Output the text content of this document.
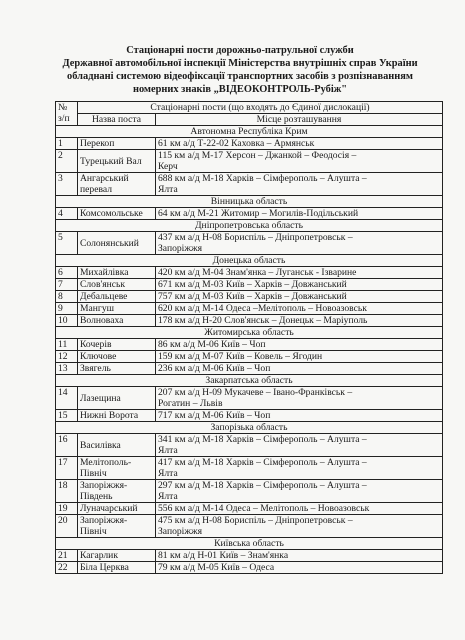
Стаціонарні пости дорожньо-патрульної служби
Державної автомобільної інспекції Міністерства внутрішніх справ України
обладнані системою відеофіксації транспортних засобів з розпізнаванням
номерних знаків „ВІДЕОКОНТРОЛЬ-Рубіж"
№ з/п	Стаціонарні пости (що входять до Єдиної дислокації)	
	Назва поста	Місце розташування
Автономна Республіка Крим		
1	Перекоп	61 км а/д Т-22-02 Каховка – Армянськ

2	Турецький Вал	115 км а/д М-17 Херсон – Джанкой – Феодосія –
Керч

3	Ангарський перевал	688 км а/д М-18 Харків – Сімферополь – Алушта –
Ялта

Вінницька область		
4	Комсомольське	64 км а/д М-21 Житомир – Могилів-Подільський

Дніпропетровська область		
5	Солонянський	437 км а/д Н-08 Бориспіль – Дніпропетровськ –
Запоріжжя

Донецька область		
6	Михайлівка	420 км а/д М-04 Знам'янка – Луганськ - Ізварине

7	Слов'янськ	671 км а/д М-03 Київ – Харків – Довжанський

8	Дебальцеве	757 км а/д М-03 Київ – Харків – Довжанський

9	Мангуш	620 км а/д М-14 Одеса –Мелітополь – Новоазовськ

10	Волноваха	178 км а/д Н-20 Слов'янськ – Донецьк – Маріуполь

Житомирська область		
11	Кочерів	86 км а/д М-06 Київ – Чоп

12	Ключове	159 км а/д М-07 Київ – Ковель – Ягодин

13	Звягель	236 км а/д М-06 Київ – Чоп

Закарпатська область		
14	Лазещина	207 км а/д Н-09 Мукачеве – Івано-Франківськ –
Рогатин – Львів

15	Нижні Ворота	717 км а/д М-06 Київ – Чоп

Запорізька область		
16	Василівка	341 км а/д М-18 Харків – Сімферополь – Алушта –
Ялта

17	Мелітополь-Північ	417 км а/д М-18 Харків – Сімферополь – Алушта –
Ялта

18	Запоріжжя-Південь	297 км а/д М-18 Харків – Сімферополь – Алушта –
Ялта

19	Луначарський	556 км а/д М-14 Одеса – Мелітополь – Новоазовськ

20	Запоріжжя-Північ	475 км а/д Н-08 Бориспіль – Дніпропетровськ –
Запоріжжя

Київська область		
21	Кагарлик	81 км а/д Н-01 Київ – Знам'янка

22	Біла Церква	79 км а/д М-05 Київ – Одеса
